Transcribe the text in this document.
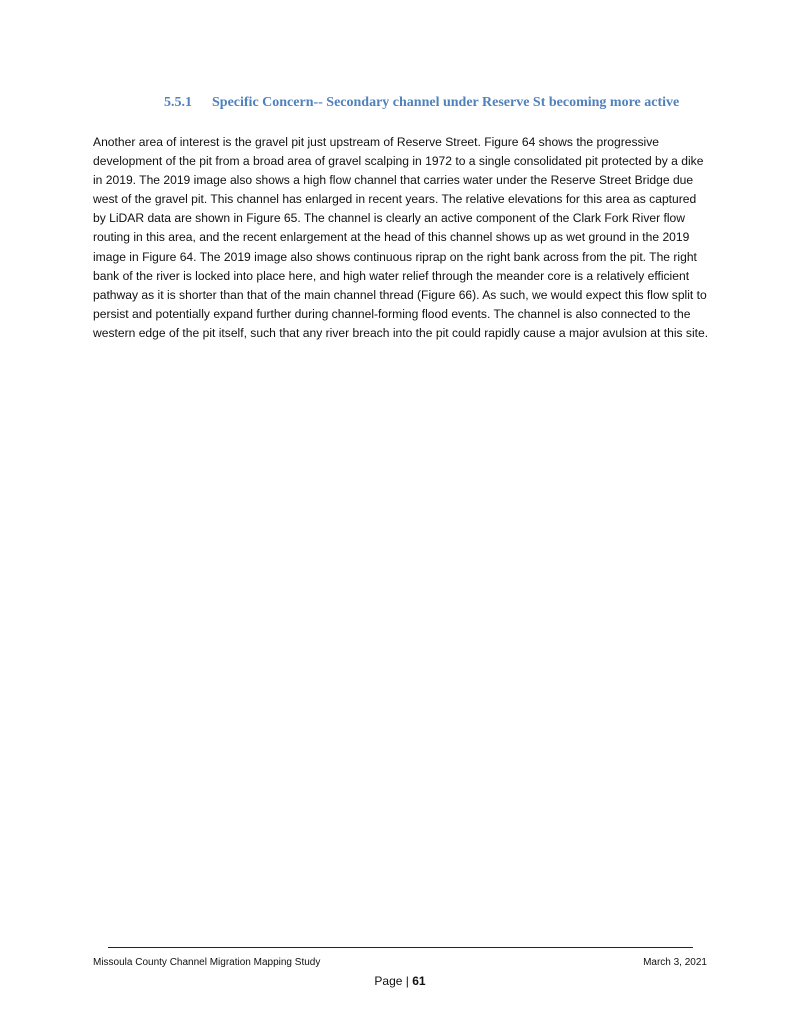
5.5.1	Specific Concern-- Secondary channel under Reserve St becoming more active

Another area of interest is the gravel pit just upstream of Reserve Street. Figure 64 shows the progressive development of the pit from a broad area of gravel scalping in 1972 to a single consolidated pit protected by a dike in 2019. The 2019 image also shows a high flow channel that carries water under the Reserve Street Bridge due west of the gravel pit. This channel has enlarged in recent years. The relative elevations for this area as captured by LiDAR data are shown in Figure 65. The channel is clearly an active component of the Clark Fork River flow routing in this area, and the recent enlargement at the head of this channel shows up as wet ground in the 2019 image in Figure 64. The 2019 image also shows continuous riprap on the right bank across from the pit. The right bank of the river is locked into place here, and high water relief through the meander core is a relatively efficient pathway as it is shorter than that of the main channel thread (Figure 66). As such, we would expect this flow split to persist and potentially expand further during channel-forming flood events. The channel is also connected to the western edge of the pit itself, such that any river breach into the pit could rapidly cause a major avulsion at this site.

Missoula County Channel Migration Mapping Study	March 3, 2021
Page | 61
